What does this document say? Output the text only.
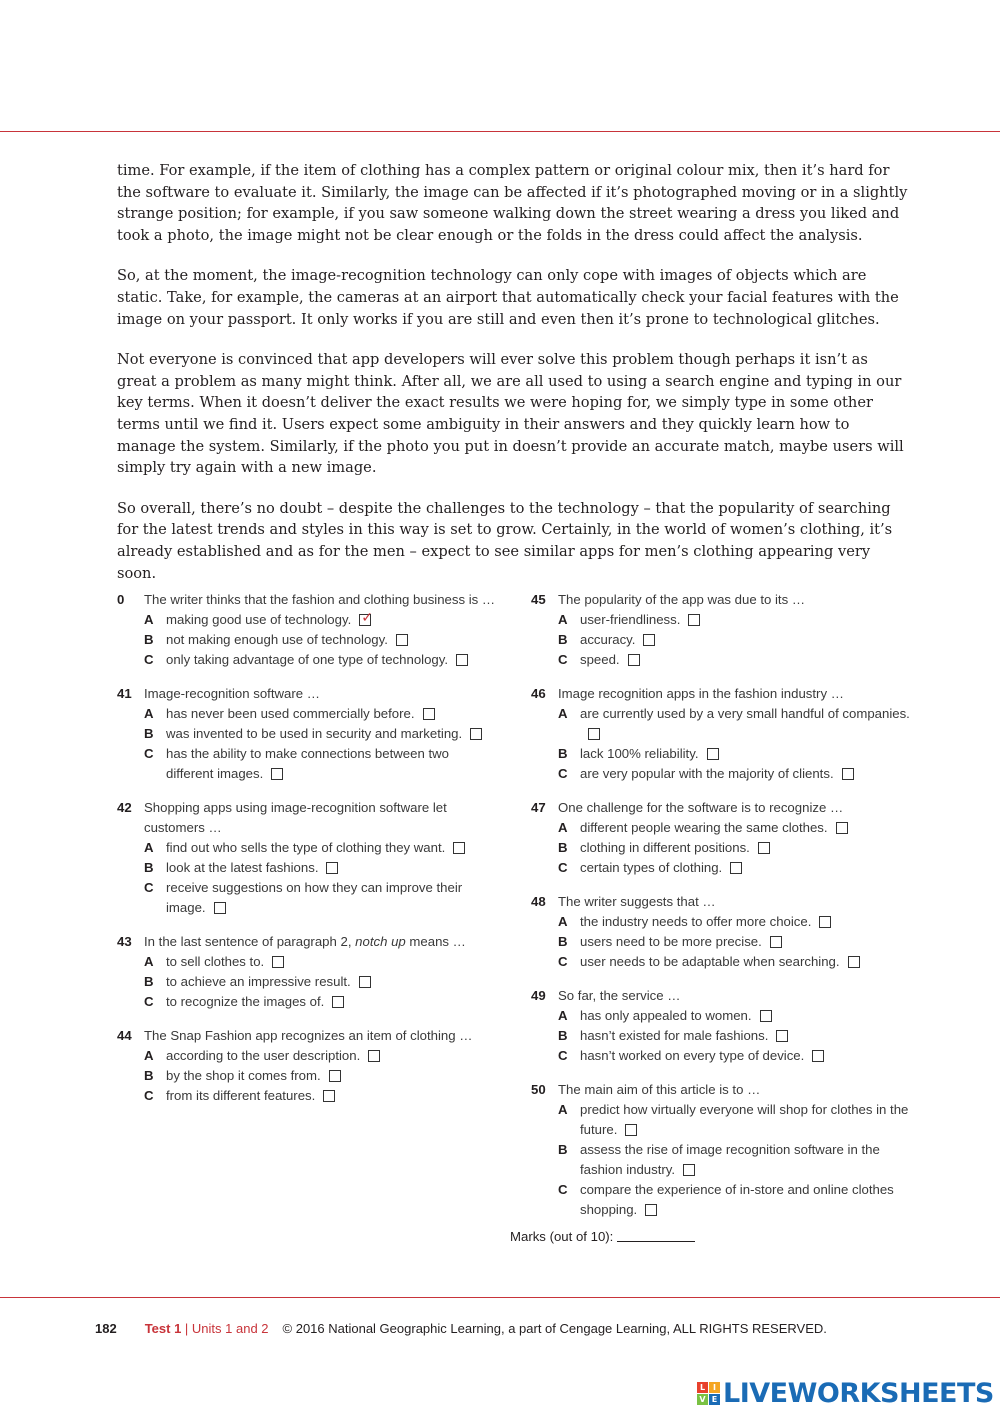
time. For example, if the item of clothing has a complex pattern or original colour mix, then it’s hard for the software to evaluate it. Similarly, the image can be affected if it’s photographed moving or in a slightly strange position; for example, if you saw someone walking down the street wearing a dress you liked and took a photo, the image might not be clear enough or the folds in the dress could affect the analysis.

So, at the moment, the image-recognition technology can only cope with images of objects which are static. Take, for example, the cameras at an airport that automatically check your facial features with the image on your passport. It only works if you are still and even then it’s prone to technological glitches.

Not everyone is convinced that app developers will ever solve this problem though perhaps it isn’t as great a problem as many might think. After all, we are all used to using a search engine and typing in our key terms. When it doesn’t deliver the exact results we were hoping for, we simply type in some other terms until we find it. Users expect some ambiguity in their answers and they quickly learn how to manage the system. Similarly, if the photo you put in doesn’t provide an accurate match, maybe users will simply try again with a new image.

So overall, there’s no doubt – despite the challenges to the technology – that the popularity of searching for the latest trends and styles in this way is set to grow. Certainly, in the world of women’s clothing, it’s already established and as for the men – expect to see similar apps for men’s clothing appearing very soon.

0	The writer thinks that the fashion and clothing business is …
A making good use of technology. ✓
B not making enough use of technology.
C only taking advantage of one type of technology.
41 Image-recognition software …
A has never been used commercially before.
B was invented to be used in security and marketing.
C has the ability to make connections between two different images.
42 Shopping apps using image-recognition software let customers …
A find out who sells the type of clothing they want.
B look at the latest fashions.
C receive suggestions on how they can improve their image.
43 In the last sentence of paragraph 2, notch up means …
A to sell clothes to.
B to achieve an impressive result.
C to recognize the images of.
44 The Snap Fashion app recognizes an item of clothing …
A according to the user description.
B by the shop it comes from.
C from its different features.
45 The popularity of the app was due to its …
A user-friendliness.
B accuracy.
C speed.
46 Image recognition apps in the fashion industry …
A are currently used by a very small handful of companies.
B lack 100% reliability.
C are very popular with the majority of clients.
47 One challenge for the software is to recognize …
A different people wearing the same clothes.
B clothing in different positions.
C certain types of clothing.
48 The writer suggests that …
A the industry needs to offer more choice.
B users need to be more precise.
C user needs to be adaptable when searching.
49 So far, the service …
A has only appealed to women.
B hasn’t existed for male fashions.
C hasn’t worked on every type of device.
50 The main aim of this article is to …
A predict how virtually everyone will shop for clothes in the future.
B assess the rise of image recognition software in the fashion industry.
C compare the experience of in-store and online clothes shopping.
Marks (out of 10):
182 Test 1 | Units 1 and 2 © 2016 National Geographic Learning, a part of Cengage Learning, ALL RIGHTS RESERVED.
L I
V E LIVEWORKSHEETS
